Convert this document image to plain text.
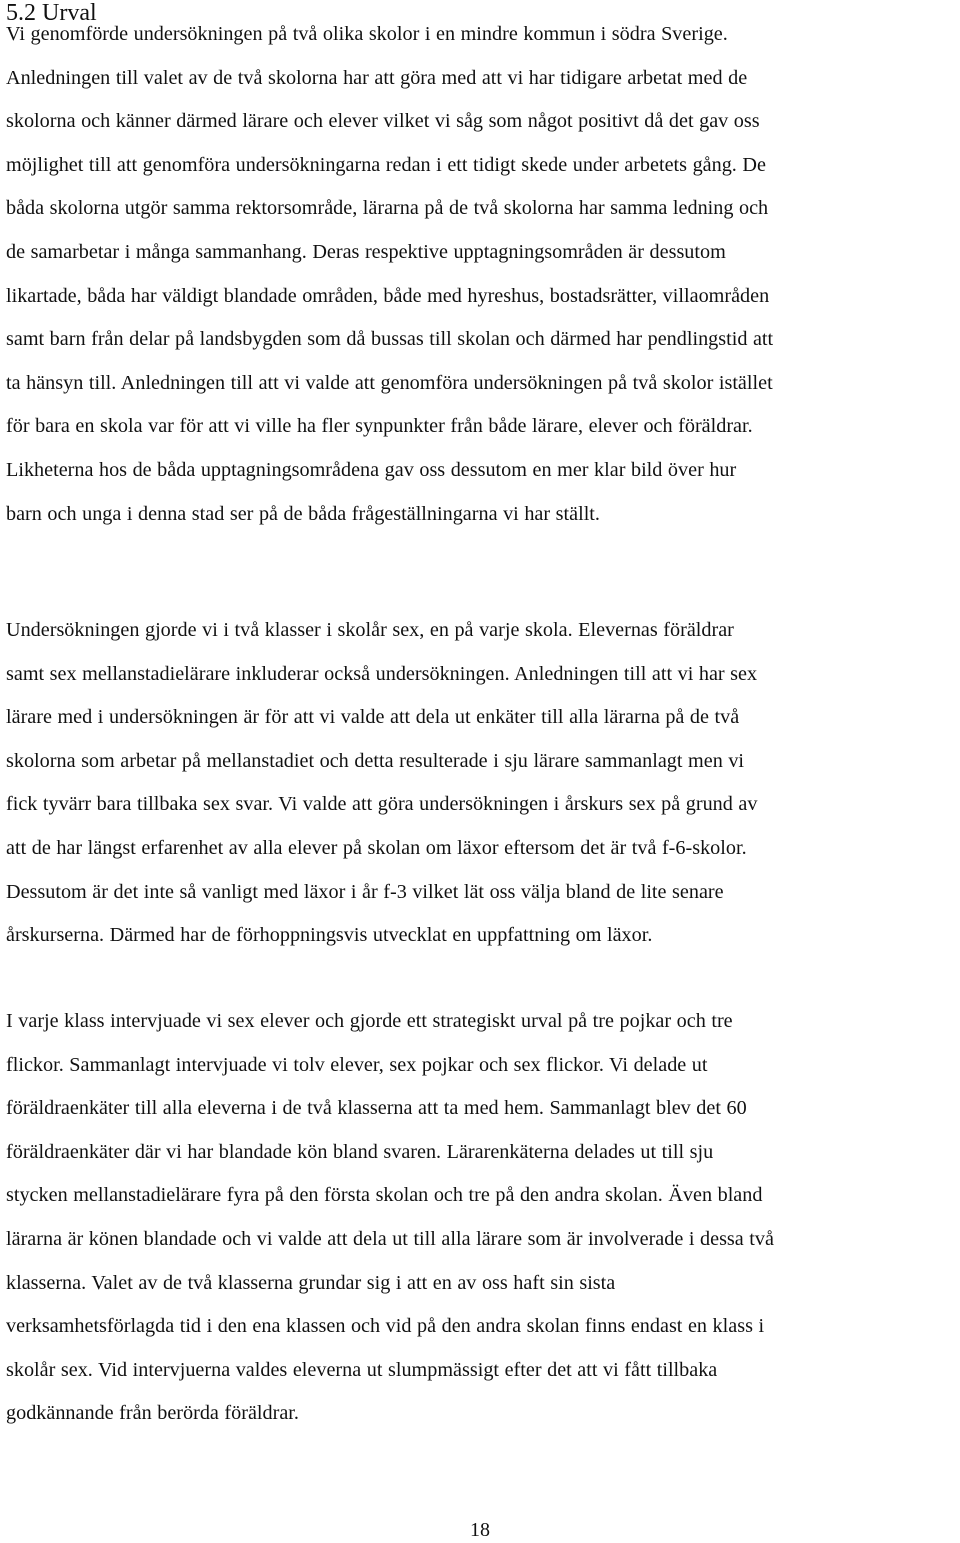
5.2 Urval

Vi genomförde undersökningen på två olika skolor i en mindre kommun i södra Sverige.
Anledningen till valet av de två skolorna har att göra med att vi har tidigare arbetat med de
skolorna och känner därmed lärare och elever vilket vi såg som något positivt då det gav oss
möjlighet till att genomföra undersökningarna redan i ett tidigt skede under arbetets gång. De
båda skolorna utgör samma rektorsområde, lärarna på de två skolorna har samma ledning och
de samarbetar i många sammanhang. Deras respektive upptagningsområden är dessutom
likartade, båda har väldigt blandade områden, både med hyreshus, bostadsrätter, villaområden
samt barn från delar på landsbygden som då bussas till skolan och därmed har pendlingstid att
ta hänsyn till. Anledningen till att vi valde att genomföra undersökningen på två skolor istället
för bara en skola var för att vi ville ha fler synpunkter från både lärare, elever och föräldrar.
Likheterna hos de båda upptagningsområdena gav oss dessutom en mer klar bild över hur
barn och unga i denna stad ser på de båda frågeställningarna vi har ställt.

Undersökningen gjorde vi i två klasser i skolår sex, en på varje skola. Elevernas föräldrar
samt sex mellanstadielärare inkluderar också undersökningen. Anledningen till att vi har sex
lärare med i undersökningen är för att vi valde att dela ut enkäter till alla lärarna på de två
skolorna som arbetar på mellanstadiet och detta resulterade i sju lärare sammanlagt men vi
fick tyvärr bara tillbaka sex svar. Vi valde att göra undersökningen i årskurs sex på grund av
att de har längst erfarenhet av alla elever på skolan om läxor eftersom det är två f-6-skolor.
Dessutom är det inte så vanligt med läxor i år f-3 vilket lät oss välja bland de lite senare
årskurserna. Därmed har de förhoppningsvis utvecklat en uppfattning om läxor.

I varje klass intervjuade vi sex elever och gjorde ett strategiskt urval på tre pojkar och tre
flickor. Sammanlagt intervjuade vi tolv elever, sex pojkar och sex flickor. Vi delade ut
föräldraenkäter till alla eleverna i de två klasserna att ta med hem. Sammanlagt blev det 60
föräldraenkäter där vi har blandade kön bland svaren. Lärarenkäterna delades ut till sju
stycken mellanstadielärare fyra på den första skolan och tre på den andra skolan. Även bland
lärarna är könen blandade och vi valde att dela ut till alla lärare som är involverade i dessa två
klasserna. Valet av de två klasserna grundar sig i att en av oss haft sin sista
verksamhetsförlagda tid i den ena klassen och vid på den andra skolan finns endast en klass i
skolår sex. Vid intervjuerna valdes eleverna ut slumpmässigt efter det att vi fått tillbaka
godkännande från berörda föräldrar.

18
